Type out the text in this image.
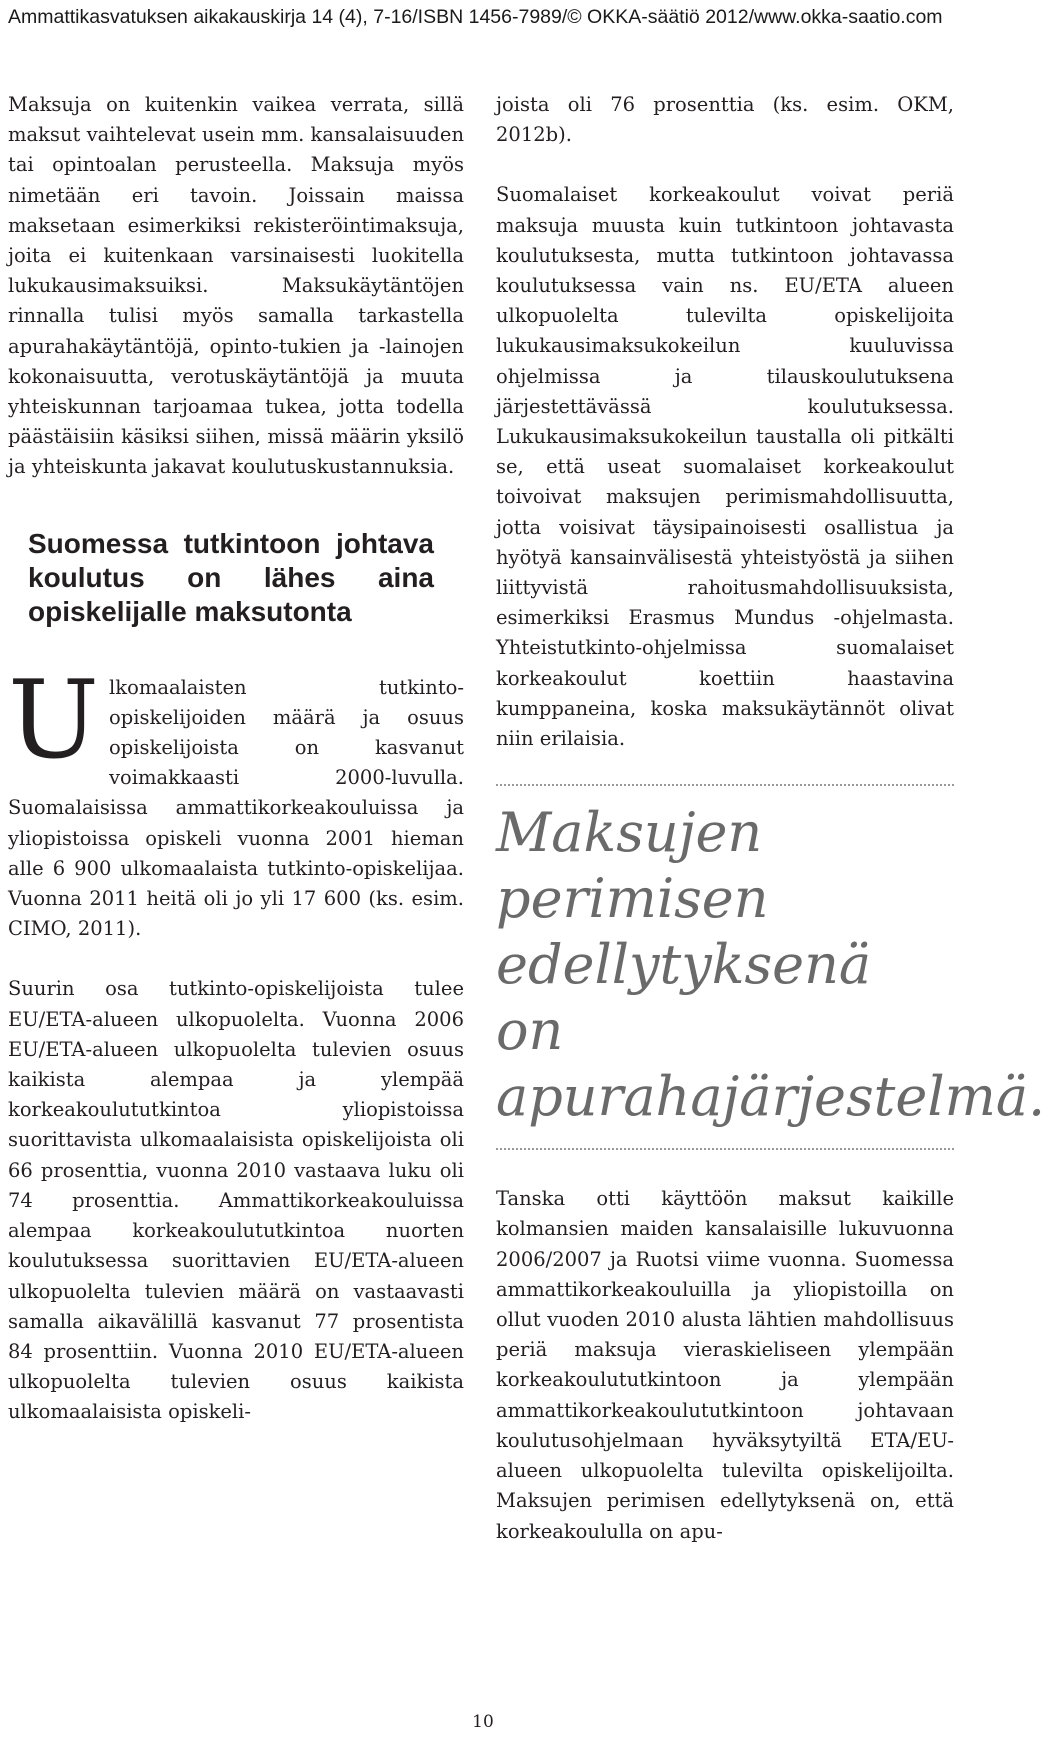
Ammattikasvatuksen aikakauskirja 14 (4), 7-16/ISBN 1456-7989/© OKKA-säätiö 2012/www.okka-saatio.com

Maksuja on kuitenkin vaikea verrata, sillä maksut vaihtelevat usein mm. kansalaisuuden tai opintoalan perusteella. Maksuja myös nimetään eri tavoin. Joissain maissa maksetaan esimerkiksi rekisteröintimaksuja, joita ei kuitenkaan varsinaisesti luokitella lukukausimaksuiksi. Maksukäytäntöjen rinnalla tulisi myös samalla tarkastella apurahakäytäntöjä, opinto-tukien ja -lainojen kokonaisuutta, verotuskäytäntöjä ja muuta yhteiskunnan tarjoamaa tukea, jotta todella päästäisiin käsiksi siihen, missä määrin yksilö ja yhteiskunta jakavat koulutuskustannuksia.

Suomessa tutkintoon johtava koulutus on lähes aina opiskelijalle maksutonta

Ulkomaalaisten tutkinto-opiskelijoiden määrä ja osuus opiskelijoista on kasvanut voimakkaasti 2000-luvulla. Suomalaisissa ammattikorkeakouluissa ja yliopistoissa opiskeli vuonna 2001 hieman alle 6 900 ulkomaalaista tutkinto-opiskelijaa. Vuonna 2011 heitä oli jo yli 17 600 (ks. esim. CIMO, 2011).

Suurin osa tutkinto-opiskelijoista tulee EU/ETA-alueen ulkopuolelta. Vuonna 2006 EU/ETA-alueen ulkopuolelta tulevien osuus kaikista alempaa ja ylempää korkeakoulututkintoa yliopistoissa suorittavista ulkomaalaisista opiskelijoista oli 66 prosenttia, vuonna 2010 vastaava luku oli 74 prosenttia. Ammattikorkeakouluissa alempaa korkeakoulututkintoa nuorten koulutuksessa suorittavien EU/ETA-alueen ulkopuolelta tulevien määrä on vastaavasti samalla aikavälillä kasvanut 77 prosentista 84 prosenttiin. Vuonna 2010 EU/ETA-alueen ulkopuolelta tulevien osuus kaikista ulkomaalaisista opiskeli-

joista oli 76 prosenttia (ks. esim. OKM, 2012b).

Suomalaiset korkeakoulut voivat periä maksuja muusta kuin tutkintoon johtavasta koulutuksesta, mutta tutkintoon johtavassa koulutuksessa vain ns. EU/ETA alueen ulkopuolelta tulevilta opiskelijoita lukukausimaksukokeilun kuuluvissa ohjelmissa ja tilauskoulutuksena järjestettävässä koulutuksessa. Lukukausimaksukokeilun taustalla oli pitkälti se, että useat suomalaiset korkeakoulut toivoivat maksujen perimismahdollisuutta, jotta voisivat täysipainoisesti osallistua ja hyötyä kansainvälisestä yhteistyöstä ja siihen liittyvistä rahoitusmahdollisuuksista, esimerkiksi Erasmus Mundus -ohjelmasta. Yhteistutkinto-ohjelmissa suomalaiset korkeakoulut koettiin haastavina kumppaneina, koska maksukäytännöt olivat niin erilaisia.

Maksujen perimisen edellytyksenä on apurahajärjestelmä.

Tanska otti käyttöön maksut kaikille kolmansien maiden kansalaisille lukuvuonna 2006/2007 ja Ruotsi viime vuonna. Suomessa ammattikorkeakouluilla ja yliopistoilla on ollut vuoden 2010 alusta lähtien mahdollisuus periä maksuja vieraskieliseen ylempään korkeakoulututkintoon ja ylempään ammattikorkeakoulututkintoon johtavaan koulutusohjelmaan hyväksytyiltä ETA/EU-alueen ulkopuolelta tulevilta opiskelijoilta. Maksujen perimisen edellytyksenä on, että korkeakoululla on apu-

10
